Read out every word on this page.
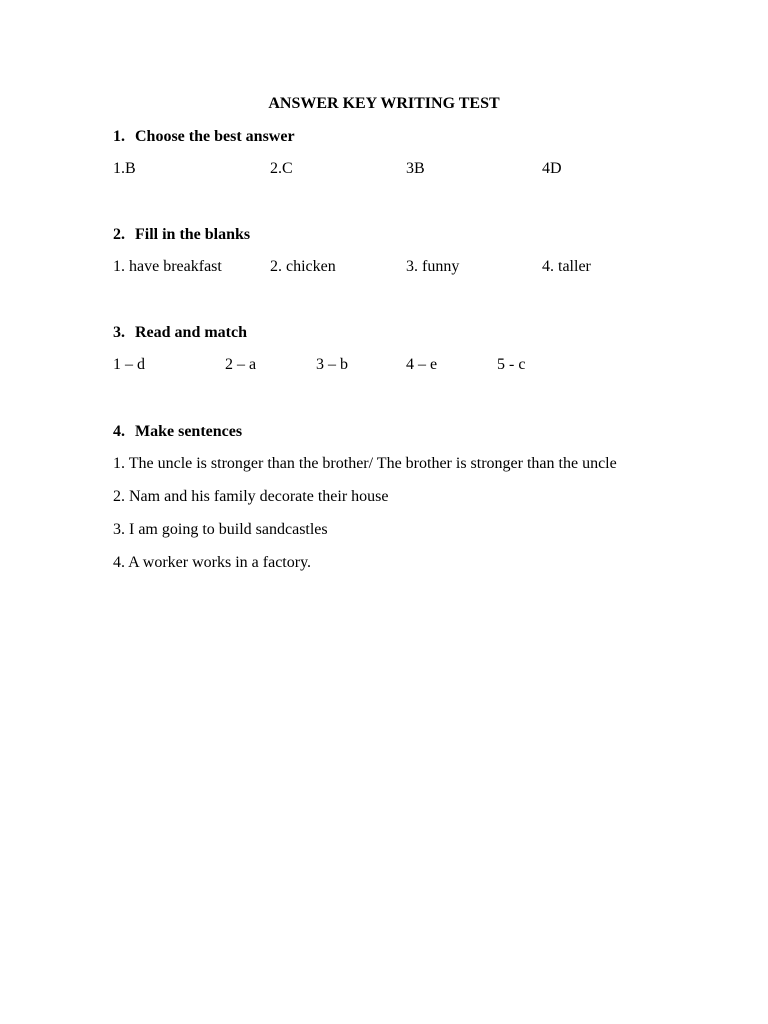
ANSWER KEY WRITING TEST
1. Choose the best answer
1.B	2.C	3B	4D
2. Fill in the blanks
1. have breakfast	2. chicken	3. funny	4. taller
3. Read and match
1 – d	2 – a	3 – b	4 – e	5 - c
4. Make sentences
1. The uncle is stronger than the brother/ The brother is stronger than the uncle
2. Nam and his family decorate their house
3. I am going to build sandcastles
4. A worker works in a factory.
